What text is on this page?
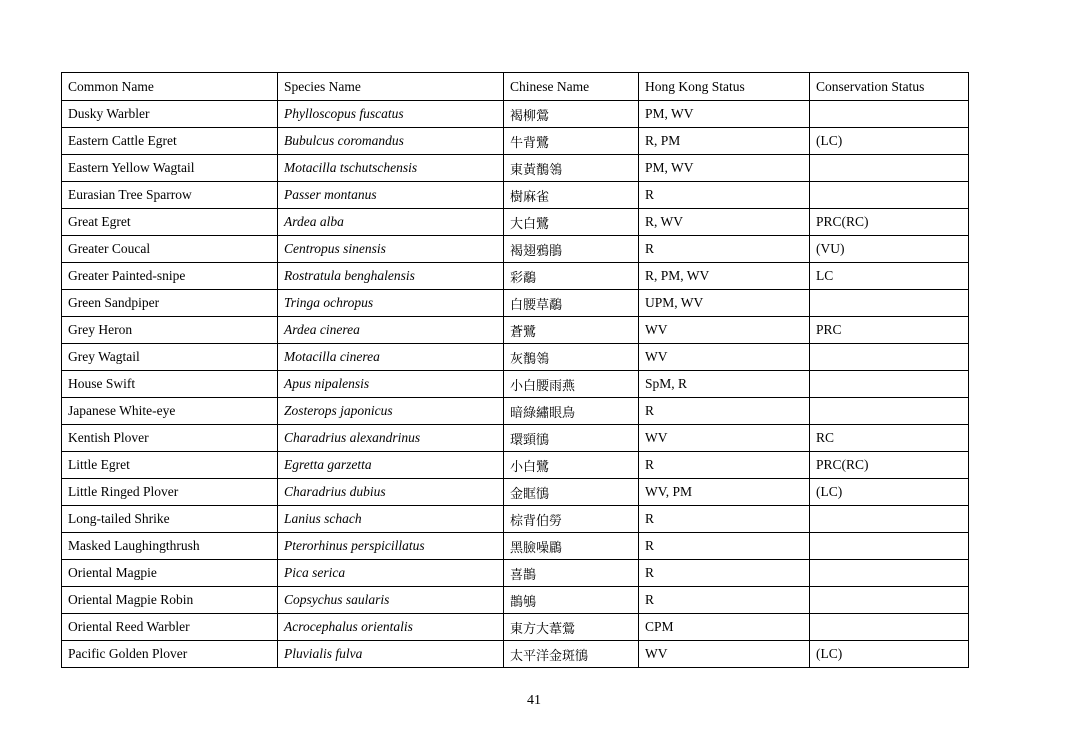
Common Name	Species Name	Chinese Name	Hong Kong Status	Conservation Status
Dusky Warbler	Phylloscopus fuscatus	褐柳鶯	PM, WV	
Eastern Cattle Egret	Bubulcus coromandus	牛背鷺	R, PM	(LC)
Eastern Yellow Wagtail	Motacilla tschutschensis	東黃鶺鴒	PM, WV	
Eurasian Tree Sparrow	Passer montanus	樹麻雀	R	
Great Egret	Ardea alba	大白鷺	R, WV	PRC(RC)
Greater Coucal	Centropus sinensis	褐翅鴉鵑	R	(VU)
Greater Painted-snipe	Rostratula benghalensis	彩鷸	R, PM, WV	LC
Green Sandpiper	Tringa ochropus	白腰草鷸	UPM, WV	
Grey Heron	Ardea cinerea	蒼鷺	WV	PRC
Grey Wagtail	Motacilla cinerea	灰鶺鴒	WV	
House Swift	Apus nipalensis	小白腰雨燕	SpM, R	
Japanese White-eye	Zosterops japonicus	暗綠繡眼鳥	R	
Kentish Plover	Charadrius alexandrinus	環頸鴴	WV	RC
Little Egret	Egretta garzetta	小白鷺	R	PRC(RC)
Little Ringed Plover	Charadrius dubius	金眶鴴	WV, PM	(LC)
Long-tailed Shrike	Lanius schach	棕背伯勞	R	
Masked Laughingthrush	Pterorhinus perspicillatus	黑臉噪鶥	R	
Oriental Magpie	Pica serica	喜鵲	R	
Oriental Magpie Robin	Copsychus saularis	鵲鴝	R	
Oriental Reed Warbler	Acrocephalus orientalis	東方大葦鶯	CPM	
Pacific Golden Plover	Pluvialis fulva	太平洋金斑鴴	WV	(LC)
41
